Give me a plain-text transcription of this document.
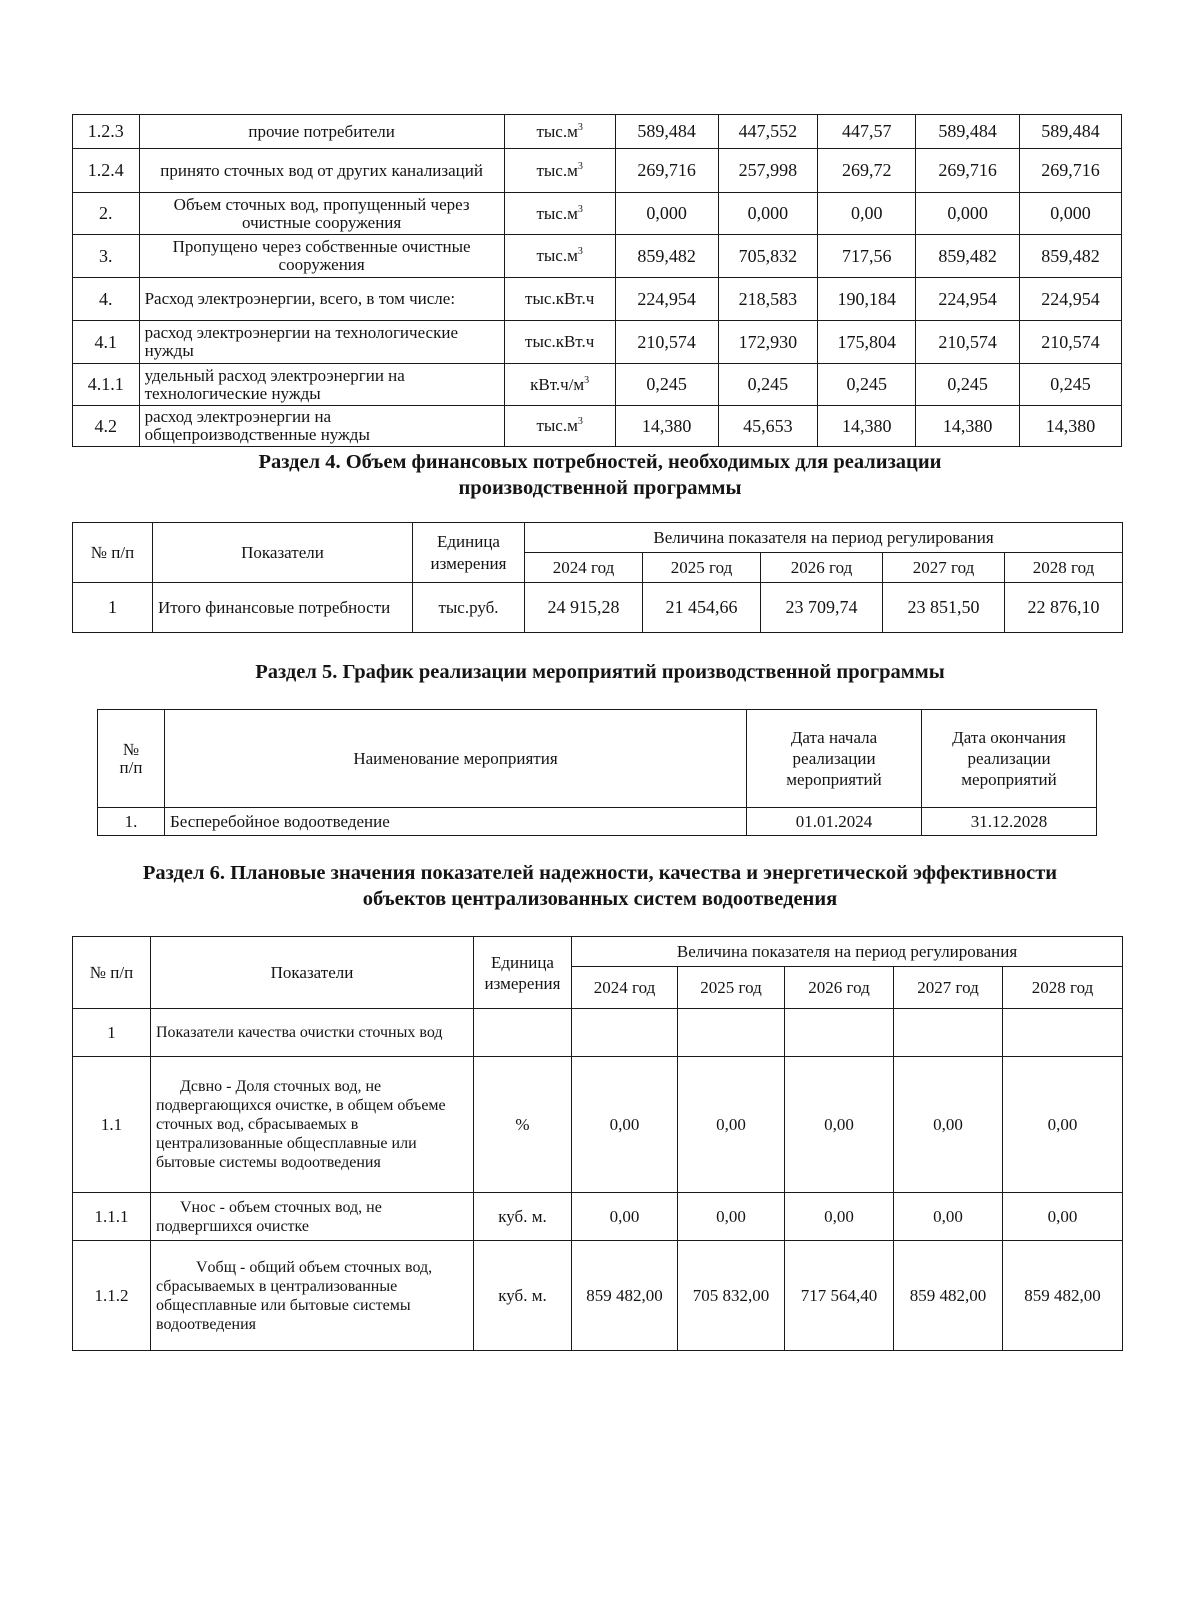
1.2.3	прочие потребители	$тыс.м^3$	589,484	447,552	447,57	589,484	589,484
1.2.4	принято сточных вод от других канализаций	$тыс.м^3$	269,716	257,998	269,72	269,716	269,716
2.	Объем сточных вод, пропущенный через очистные сооружения	$тыс.м^3$	0,000	0,000	0,00	0,000	0,000
3.	Пропущено через собственные очистные сооружения	$тыс.м^3$	859,482	705,832	717,56	859,482	859,482
4.	Расход электроэнергии, всего, в том числе:	тыс.кВт.ч	224,954	218,583	190,184	224,954	224,954
4.1	расход электроэнергии на технологические нужды	тыс.кВт.ч	210,574	172,930	175,804	210,574	210,574
4.1.1	удельный расход электроэнергии на технологические нужды	$кВт.ч/м^3$	0,245	0,245	0,245	0,245	0,245
4.2	расход электроэнергии на общепроизводственные нужды	$тыс.м^3$	14,380	45,653	14,380	14,380	14,380
Раздел 4. Объем финансовых потребностей, необходимых для реализации
производственной программы
№ п/п	Показатели	Единица измерения	Величина показателя на период регулирования				
			2024 год	2025 год	2026 год	2027 год	2028 год
1	Итого финансовые потребности	тыс.руб.	24 915,28	21 454,66	23 709,74	23 851,50	22 876,10
Раздел 5. График реализации мероприятий производственной программы
№ п/п	Наименование мероприятия	Дата начала реализации мероприятий	Дата окончания реализации мероприятий
1.	Бесперебойное водоотведение	01.01.2024	31.12.2028
Раздел 6. Плановые значения показателей надежности, качества и энергетической эффективности
объектов централизованных систем водоотведения
№ п/п	Показатели	Единица измерения	Величина показателя на период регулирования				
			2024 год	2025 год	2026 год	2027 год	2028 год
1	Показатели качества очистки сточных вод						
1.1	Дсвно - Доля сточных вод, не подвергающихся очистке, в общем объеме сточных вод, сбрасываемых в централизованные общесплавные или бытовые системы водоотведения	%	0,00	0,00	0,00	0,00	0,00
1.1.1	Vнос - объем сточных вод, не подвергшихся очистке	куб. м.	0,00	0,00	0,00	0,00	0,00
1.1.2	Vобщ - общий объем сточных вод, сбрасываемых в централизованные общесплавные или бытовые системы водоотведения	куб. м.	859 482,00	705 832,00	717 564,40	859 482,00	859 482,00
